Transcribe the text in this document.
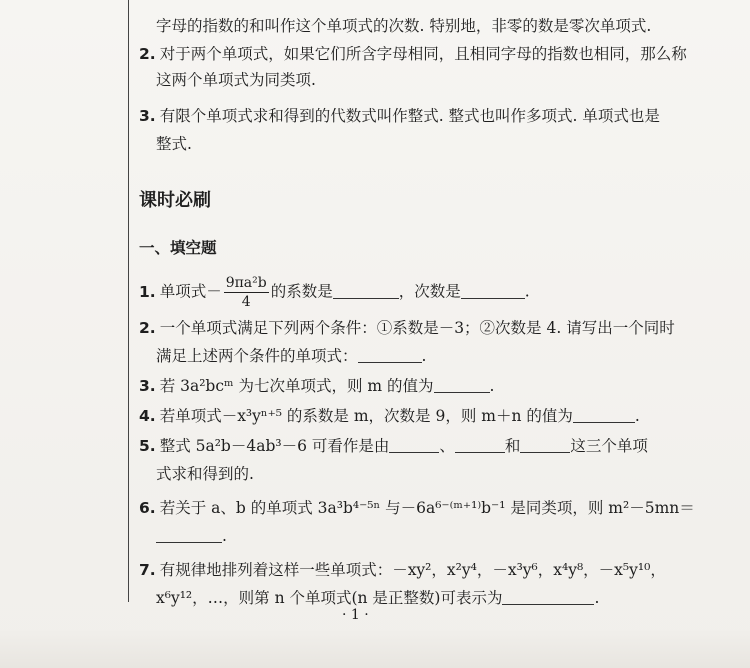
字母的指数的和叫作这个单项式的次数. 特别地，非零的数是零次单项式.
2. 对于两个单项式，如果它们所含字母相同，且相同字母的指数也相同，那么称
这两个单项式为同类项.
3. 有限个单项式求和得到的代数式叫作整式. 整式也叫作多项式. 单项式也是
整式.
课时必刷
一、填空题
1. 单项式－ $\frac{\text{9πa²b}}{4}$ 的系数是	，次数是	.
2. 一个单项式满足下列两个条件：①系数是－3；②次数是 4. 请写出一个同时
满足上述两个条件的单项式：	.
3. 若 3a²bcᵐ 为七次单项式，则 m 的值为	.
4. 若单项式－x³yⁿ⁺⁵ 的系数是 m，次数是 9，则 m＋n 的值为	.
5. 整式 5a²b－4ab³－6 可看作是由	、	和	这三个单项
式求和得到的.
6. 若关于 a、b 的单项式 3a³b⁴⁻⁵ⁿ 与－6a⁶⁻⁽ᵐ⁺¹⁾b⁻¹ 是同类项，则 m²－5mn＝
.
7. 有规律地排列着这样一些单项式：－xy²，x²y⁴，－x³y⁶，x⁴y⁸，－x⁵y¹⁰，
x⁶y¹²，…，则第 n 个单项式(n 是正整数)可表示为	.
· 1 ·
